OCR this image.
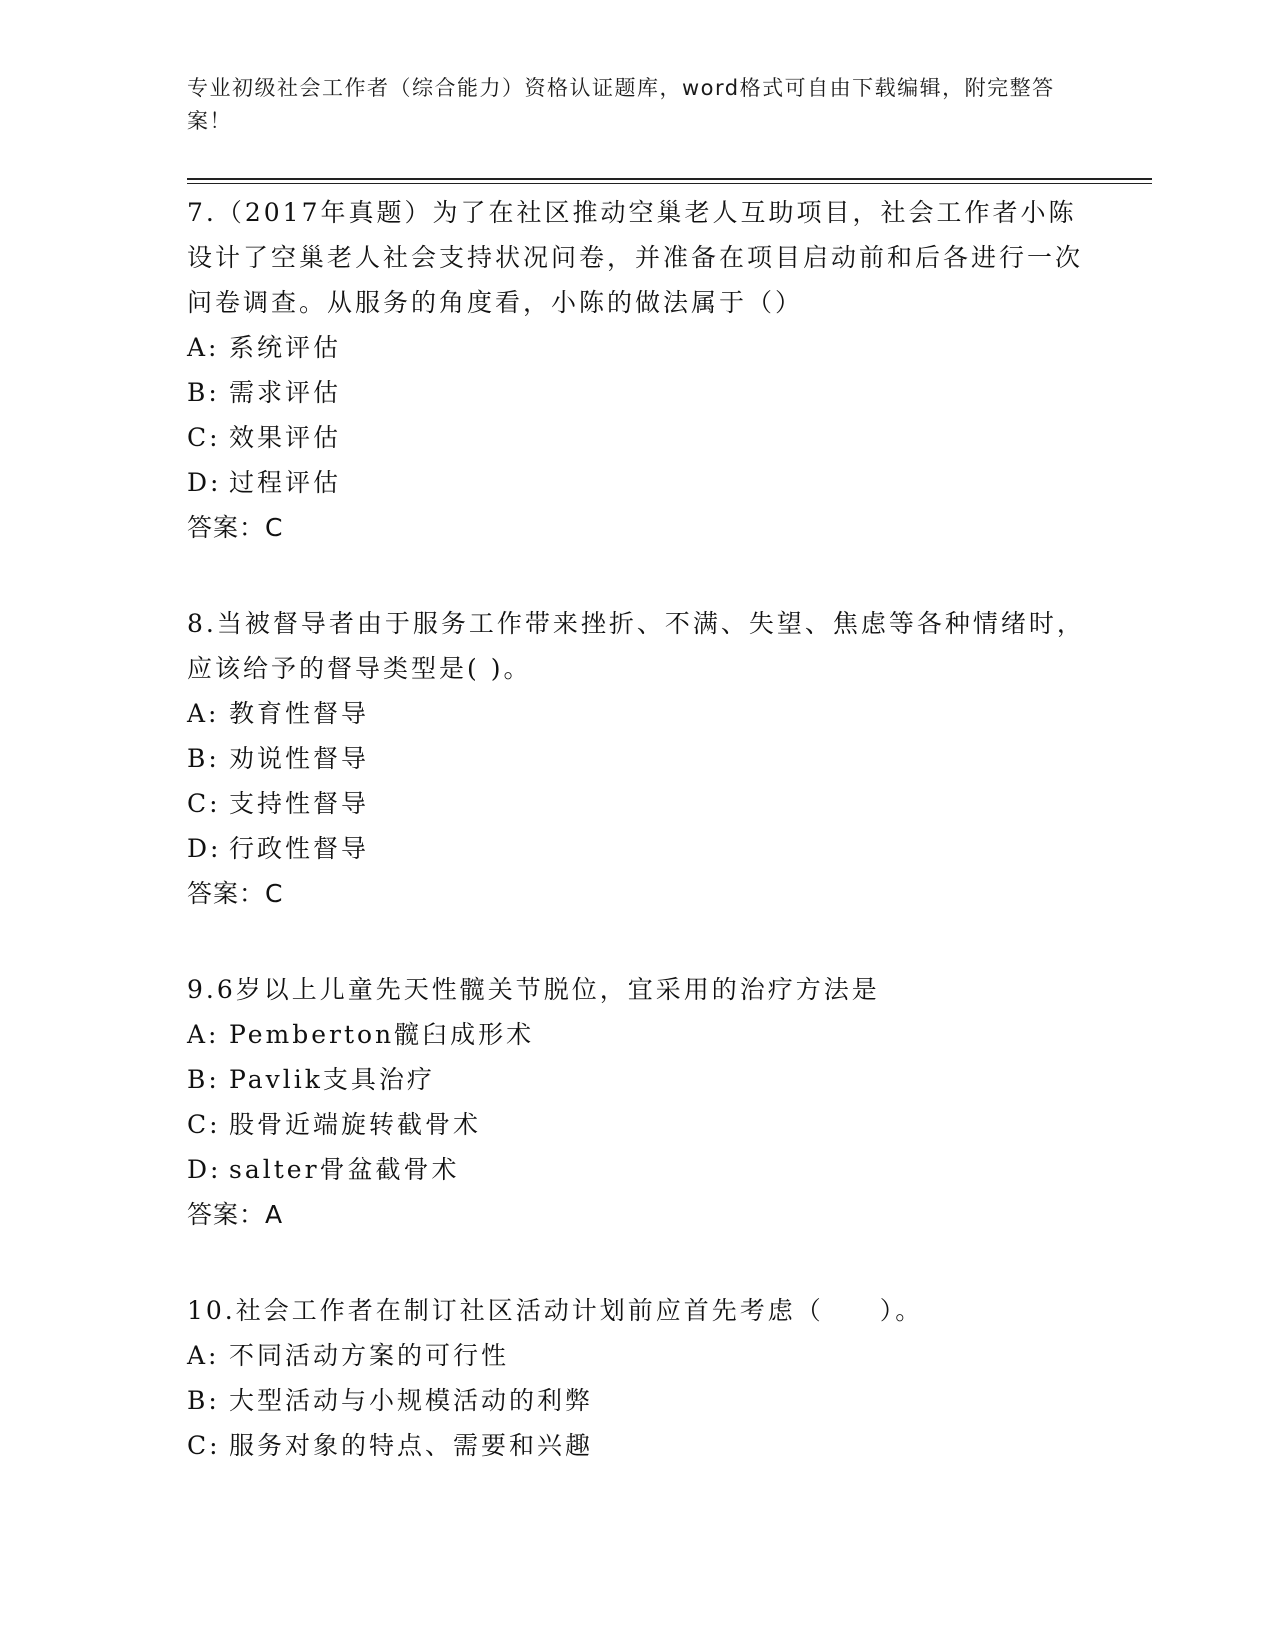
专业初级社会工作者（综合能力）资格认证题库，word格式可自由下载编辑，附完整答案！

7.（2017年真题）为了在社区推动空巢老人互助项目，社会工作者小陈设计了空巢老人社会支持状况问卷，并准备在项目启动前和后各进行一次问卷调查。从服务的角度看，小陈的做法属于（）

A: 系统评估

B: 需求评估

C: 效果评估

D: 过程评估

答案：C

8.当被督导者由于服务工作带来挫折、不满、失望、焦虑等各种情绪时，应该给予的督导类型是( )。

A: 教育性督导

B: 劝说性督导

C: 支持性督导

D: 行政性督导

答案：C

9.6岁以上儿童先天性髋关节脱位，宜采用的治疗方法是

A: Pemberton髋臼成形术

B: Pavlik支具治疗

C: 股骨近端旋转截骨术

D: salter骨盆截骨术

答案：A

10.社会工作者在制订社区活动计划前应首先考虑（　　）。

A: 不同活动方案的可行性

B: 大型活动与小规模活动的利弊

C: 服务对象的特点、需要和兴趣
